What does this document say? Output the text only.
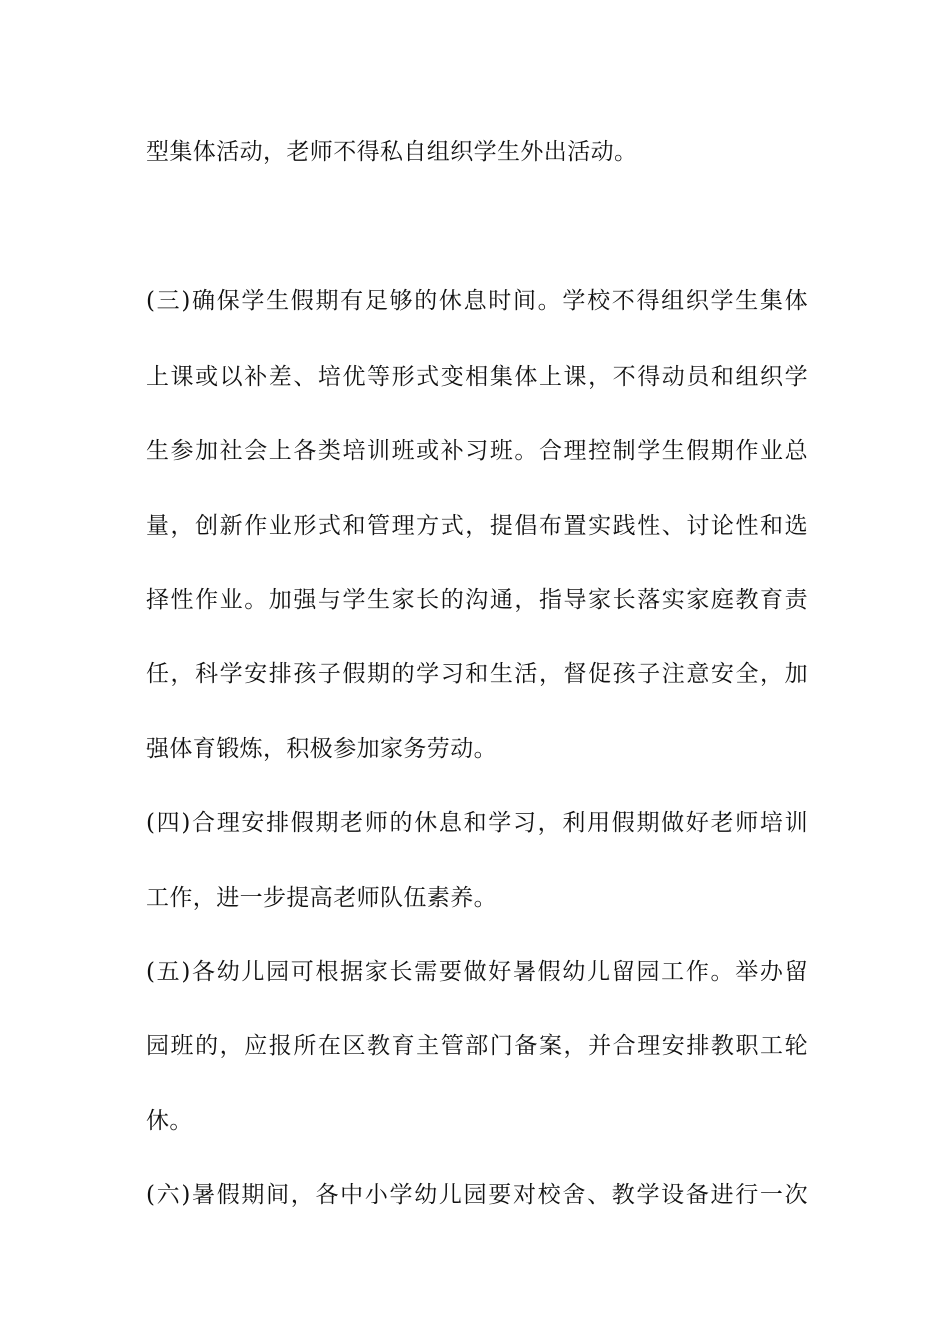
型集体活动，老师不得私自组织学生外出活动。
(三)确保学生假期有足够的休息时间。学校不得组织学生集体
上课或以补差、培优等形式变相集体上课，不得动员和组织学
生参加社会上各类培训班或补习班。合理控制学生假期作业总
量，创新作业形式和管理方式，提倡布置实践性、讨论性和选
择性作业。加强与学生家长的沟通，指导家长落实家庭教育责
任，科学安排孩子假期的学习和生活，督促孩子注意安全，加
强体育锻炼，积极参加家务劳动。
(四)合理安排假期老师的休息和学习，利用假期做好老师培训
工作，进一步提高老师队伍素养。
(五)各幼儿园可根据家长需要做好暑假幼儿留园工作。举办留
园班的，应报所在区教育主管部门备案，并合理安排教职工轮
休。
(六)暑假期间，各中小学幼儿园要对校舍、教学设备进行一次
